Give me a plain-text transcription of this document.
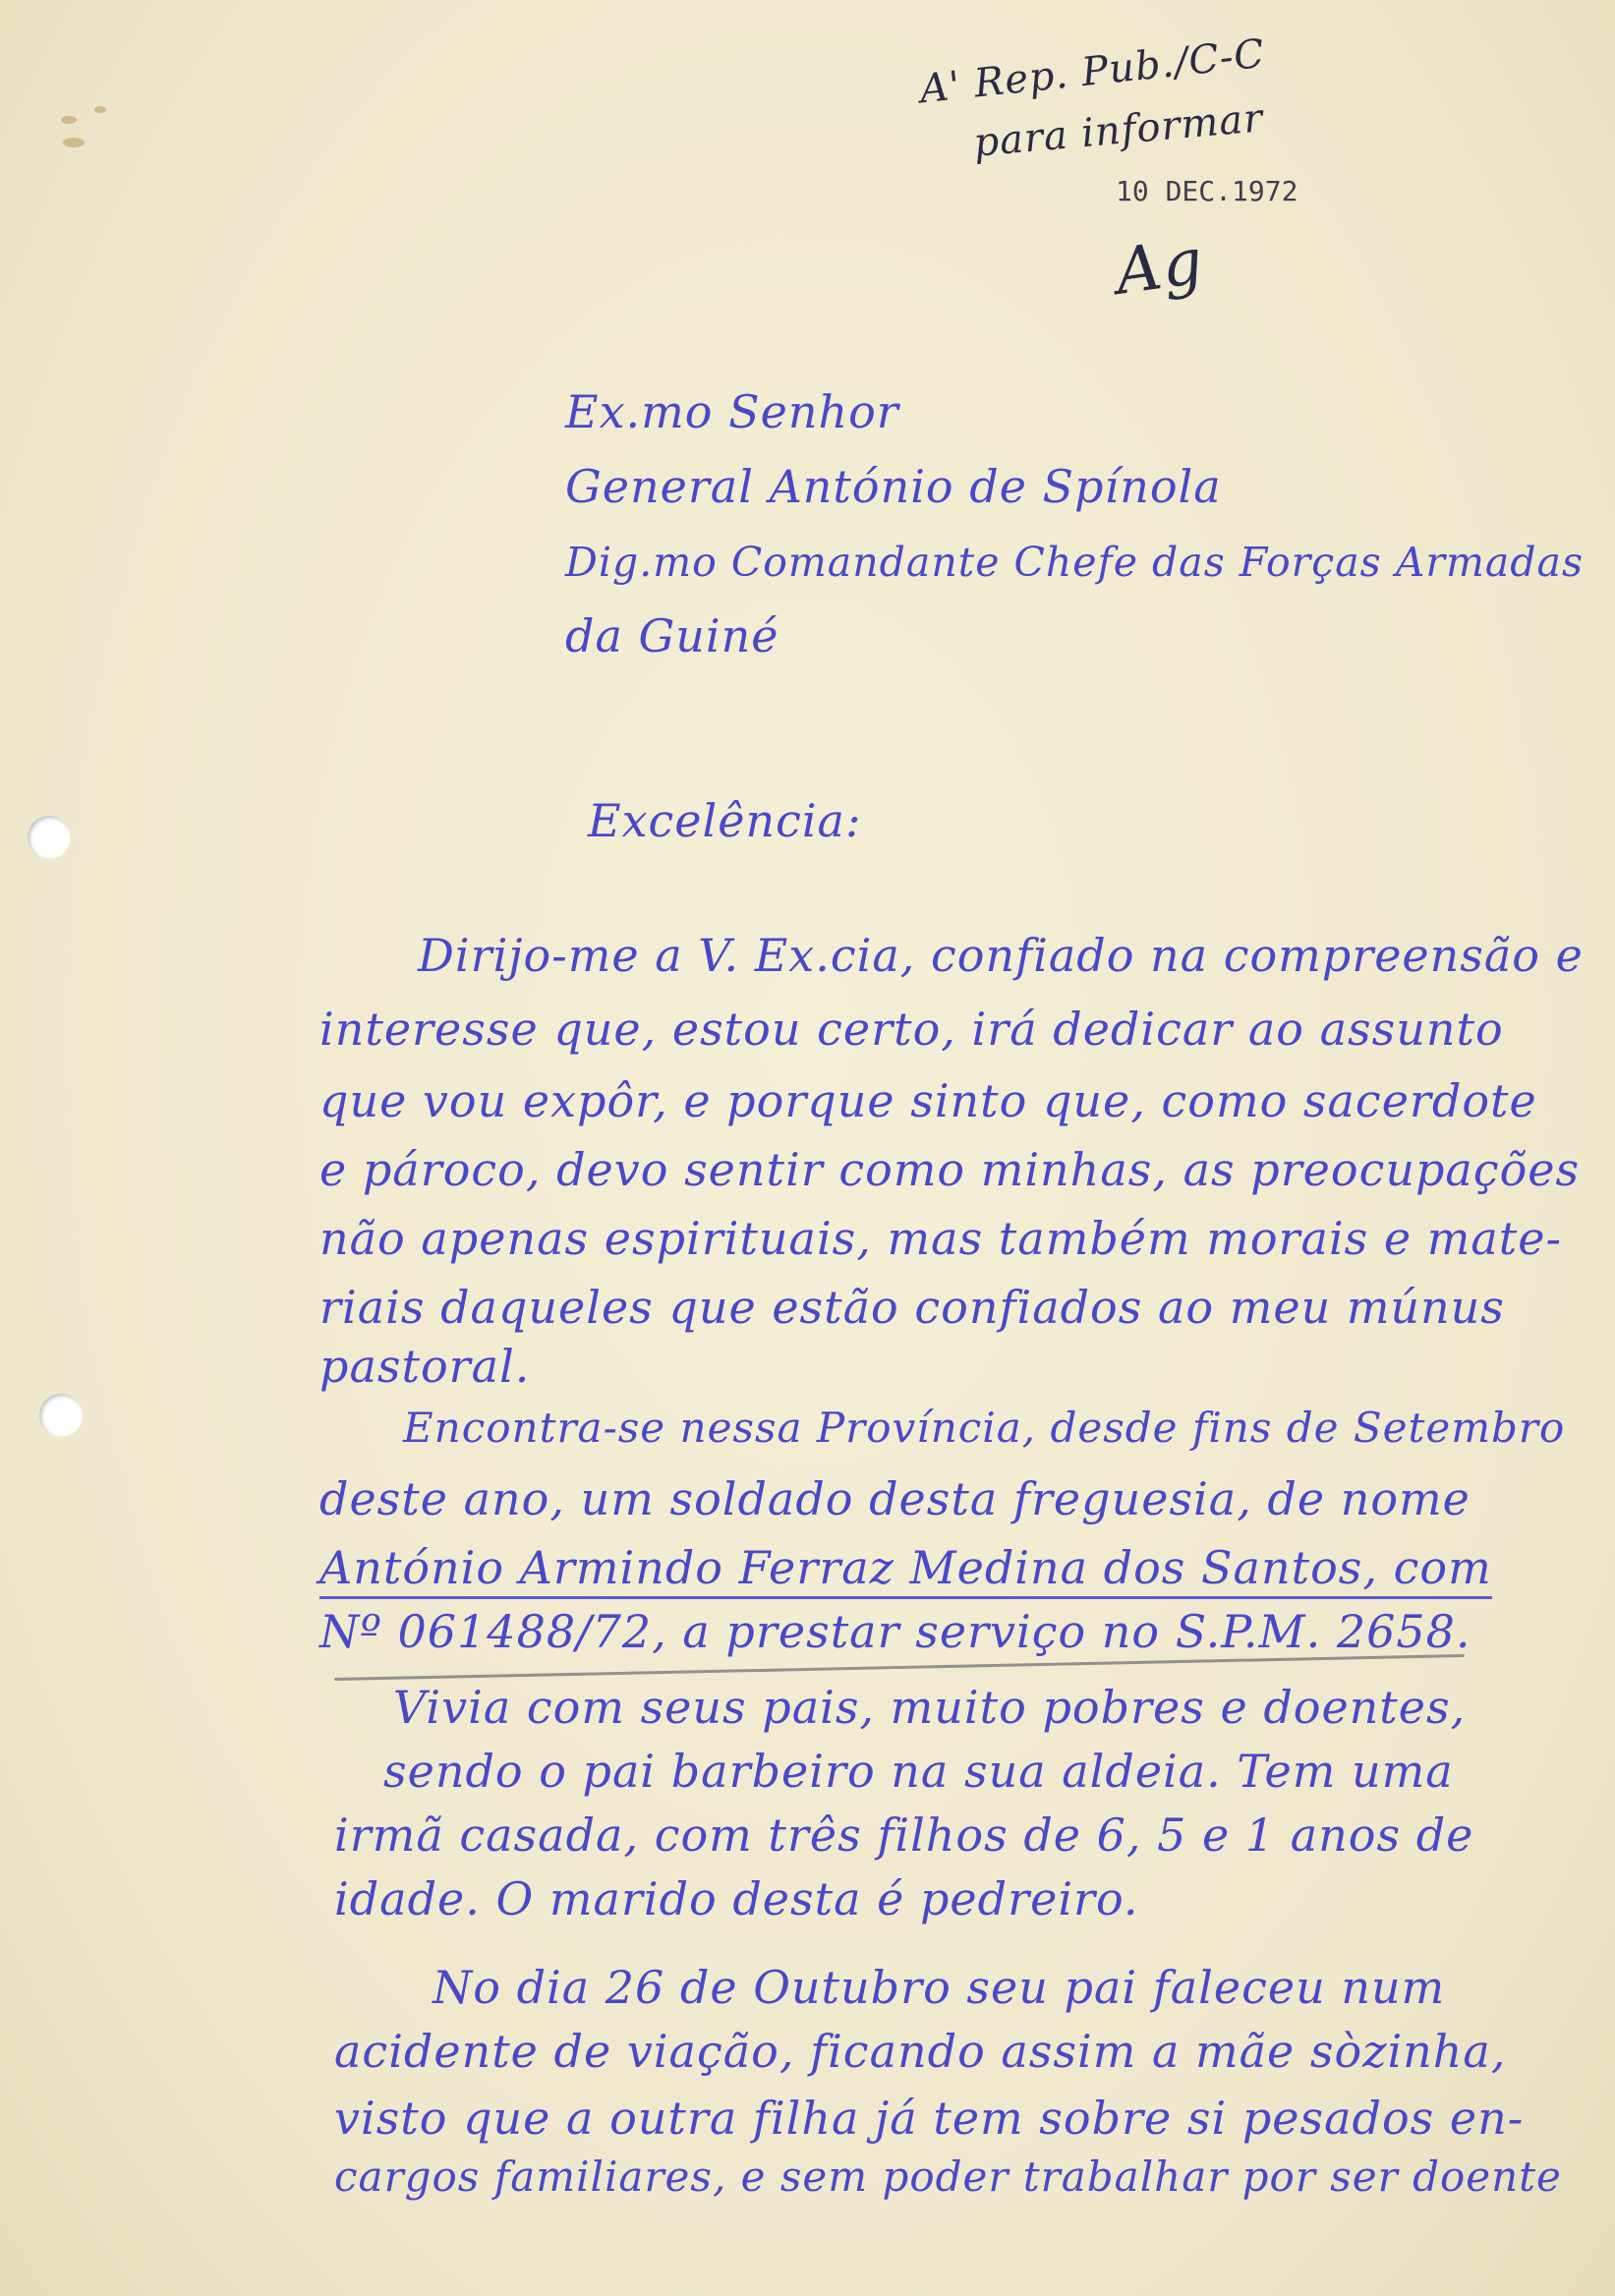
A' Rep. Pub./C-C
para informar
10 DEC.1972
Ag
Ex.mo Senhor
General António de Spínola
Dig.mo Comandante Chefe das Forças Armadas
da Guiné
Excelência:
Dirijo-me a V. Ex.cia, confiado na compreensão e
interesse que, estou certo, irá dedicar ao assunto
que vou expôr, e porque sinto que, como sacerdote
e pároco, devo sentir como minhas, as preocupações
não apenas espirituais, mas também morais e mate-
riais daqueles que estão confiados ao meu múnus
pastoral.
Encontra-se nessa Província, desde fins de Setembro
deste ano, um soldado desta freguesia, de nome
António Armindo Ferraz Medina dos Santos, com
Nº 061488/72, a prestar serviço no S.P.M. 2658.
Vivia com seus pais, muito pobres e doentes,
sendo o pai barbeiro na sua aldeia. Tem uma
irmã casada, com três filhos de 6, 5 e 1 anos de
idade. O marido desta é pedreiro.
No dia 26 de Outubro seu pai faleceu num
acidente de viação, ficando assim a mãe sòzinha,
visto que a outra filha já tem sobre si pesados en-
cargos familiares, e sem poder trabalhar por ser doente
